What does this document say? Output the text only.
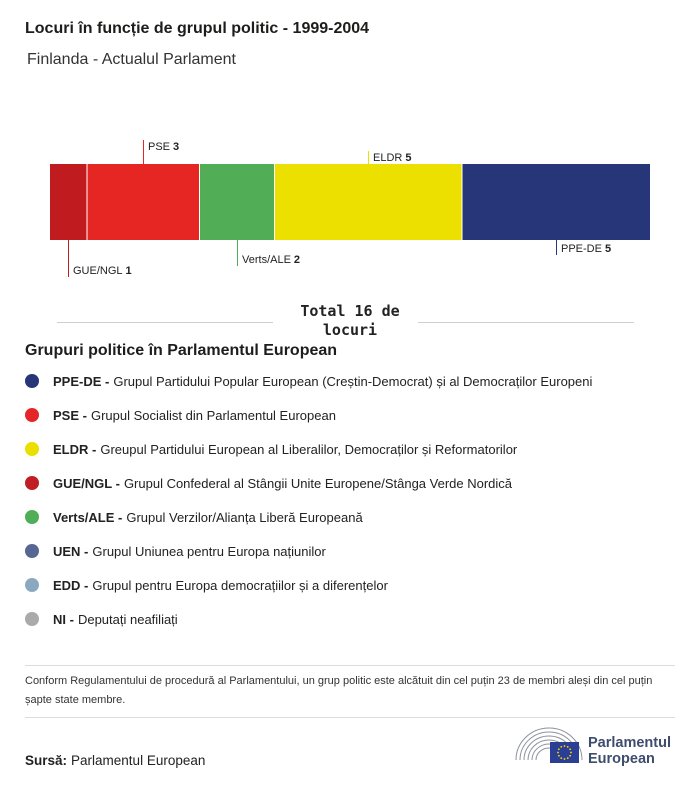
Locuri în funcție de grupul politic - 1999-2004
Finlanda - Actualul Parlament
GUE/NGL 1
PSE 3
Verts/ALE 2
ELDR 5
PPE-DE 5
Total 16 de locuri
Grupuri politice în Parlamentul European
PPE-DE - Grupul Partidului Popular European (Creștin-Democrat) și al Democraților Europeni
PSE - Grupul Socialist din Parlamentul European
ELDR - Greupul Partidului European al Liberalilor, Democraților și Reformatorilor
GUE/NGL - Grupul Confederal al Stângii Unite Europene/Stânga Verde Nordică
Verts/ALE - Grupul Verzilor/Alianța Liberă Europeană
UEN - Grupul Uniunea pentru Europa națiunilor
EDD - Grupul pentru Europa democrațiilor și a diferențelor
NI - Deputați neafiliați
Conform Regulamentului de procedură al Parlamentului, un grup politic este alcătuit din cel puțin 23 de membri aleși din cel puțin șapte state membre.
Sursă: Parlamentul European
Parlamentul
European
